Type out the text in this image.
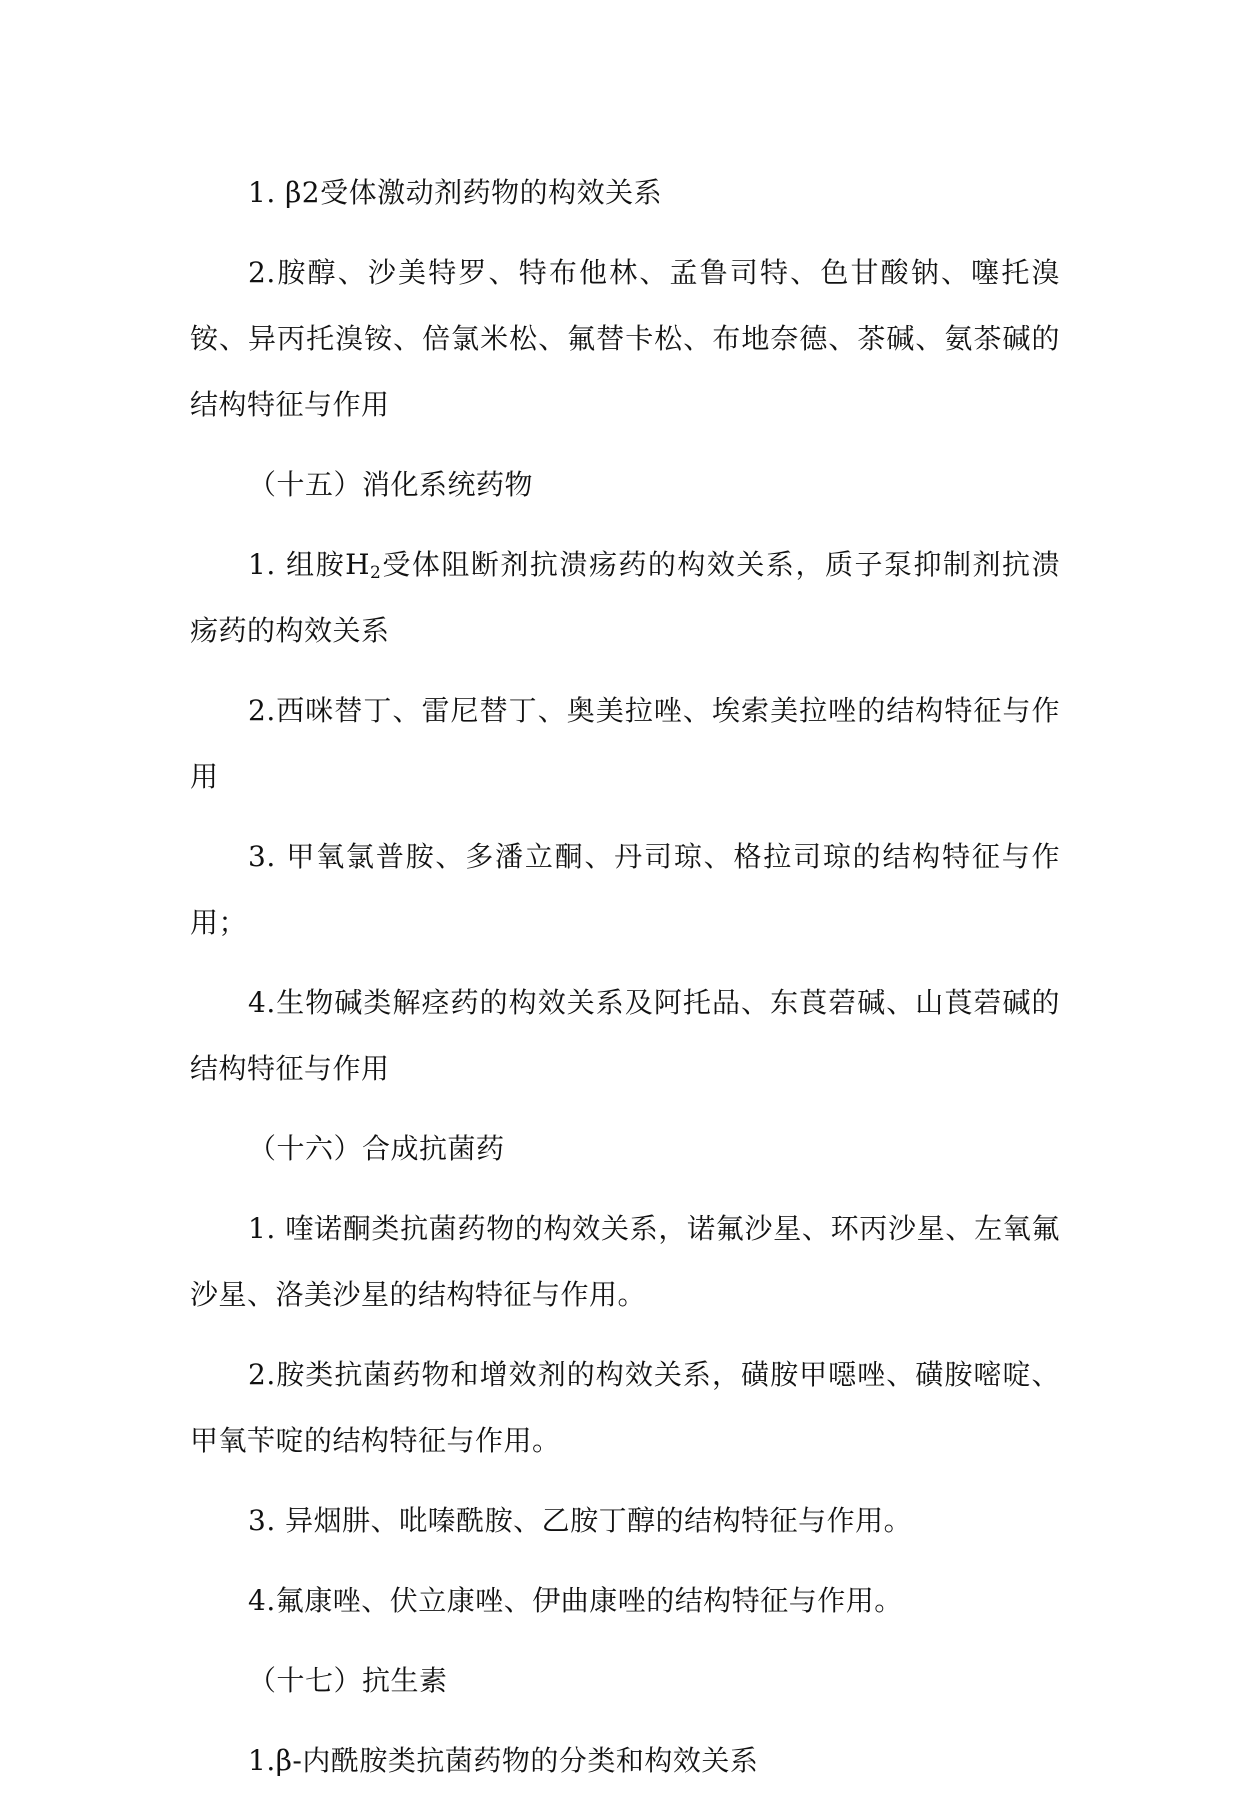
1. β2受体激动剂药物的构效关系

2.胺醇、沙美特罗、特布他林、孟鲁司特、色甘酸钠、噻托溴铵、异丙托溴铵、倍氯米松、氟替卡松、布地奈德、茶碱、氨茶碱的结构特征与作用

（十五）消化系统药物

1. 组胺$H_2$受体阻断剂抗溃疡药的构效关系，质子泵抑制剂抗溃疡药的构效关系

2.西咪替丁、雷尼替丁、奥美拉唑、埃索美拉唑的结构特征与作用

3. 甲氧氯普胺、多潘立酮、丹司琼、格拉司琼的结构特征与作用；

4.生物碱类解痉药的构效关系及阿托品、东莨菪碱、山莨菪碱的结构特征与作用

（十六）合成抗菌药

1. 喹诺酮类抗菌药物的构效关系，诺氟沙星、环丙沙星、左氧氟沙星、洛美沙星的结构特征与作用。

2.胺类抗菌药物和增效剂的构效关系，磺胺甲噁唑、磺胺嘧啶、甲氧苄啶的结构特征与作用。

3. 异烟肼、吡嗪酰胺、乙胺丁醇的结构特征与作用。

4.氟康唑、伏立康唑、伊曲康唑的结构特征与作用。

（十七）抗生素

1.β-内酰胺类抗菌药物的分类和构效关系
